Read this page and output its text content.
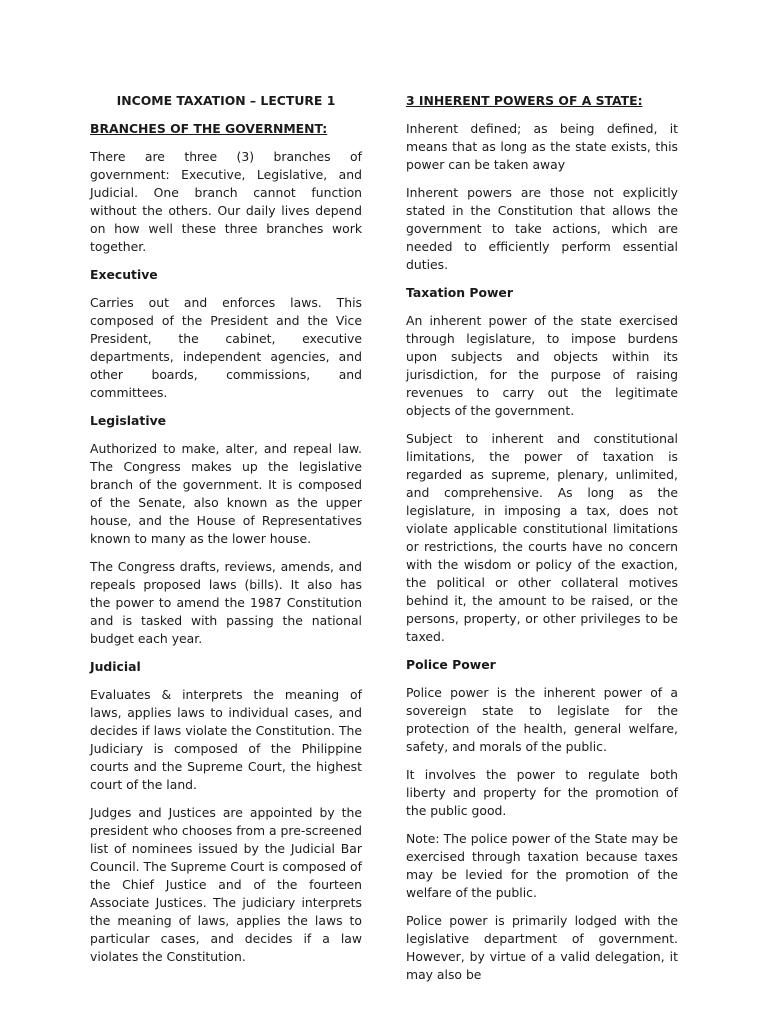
INCOME TAXATION – LECTURE 1
BRANCHES OF THE GOVERNMENT:

There are three (3) branches of government: Executive, Legislative, and Judicial. One branch cannot function without the others. Our daily lives depend on how well these three branches work together.

Executive

Carries out and enforces laws. This composed of the President and the Vice President, the cabinet, executive departments, independent agencies, and other boards, commissions, and committees.

Legislative

Authorized to make, alter, and repeal law. The Congress makes up the legislative branch of the government. It is composed of the Senate, also known as the upper house, and the House of Representatives known to many as the lower house.

The Congress drafts, reviews, amends, and repeals proposed laws (bills). It also has the power to amend the 1987 Constitution and is tasked with passing the national budget each year.

Judicial

Evaluates & interprets the meaning of laws, applies laws to individual cases, and decides if laws violate the Constitution. The Judiciary is composed of the Philippine courts and the Supreme Court, the highest court of the land.

Judges and Justices are appointed by the president who chooses from a pre-screened list of nominees issued by the Judicial Bar Council. The Supreme Court is composed of the Chief Justice and of the fourteen Associate Justices. The judiciary interprets the meaning of laws, applies the laws to particular cases, and decides if a law violates the Constitution.

3 INHERENT POWERS OF A STATE:

Inherent defined; as being defined, it means that as long as the state exists, this power can be taken away

Inherent powers are those not explicitly stated in the Constitution that allows the government to take actions, which are needed to efficiently perform essential duties.

Taxation Power

An inherent power of the state exercised through legislature, to impose burdens upon subjects and objects within its jurisdiction, for the purpose of raising revenues to carry out the legitimate objects of the government.

Subject to inherent and constitutional limitations, the power of taxation is regarded as supreme, plenary, unlimited, and comprehensive. As long as the legislature, in imposing a tax, does not violate applicable constitutional limitations or restrictions, the courts have no concern with the wisdom or policy of the exaction, the political or other collateral motives behind it, the amount to be raised, or the persons, property, or other privileges to be taxed.

Police Power

Police power is the inherent power of a sovereign state to legislate for the protection of the health, general welfare, safety, and morals of the public.

It involves the power to regulate both liberty and property for the promotion of the public good.

Note: The police power of the State may be exercised through taxation because taxes may be levied for the promotion of the welfare of the public.

Police power is primarily lodged with the legislative department of government. However, by virtue of a valid delegation, it may also be
